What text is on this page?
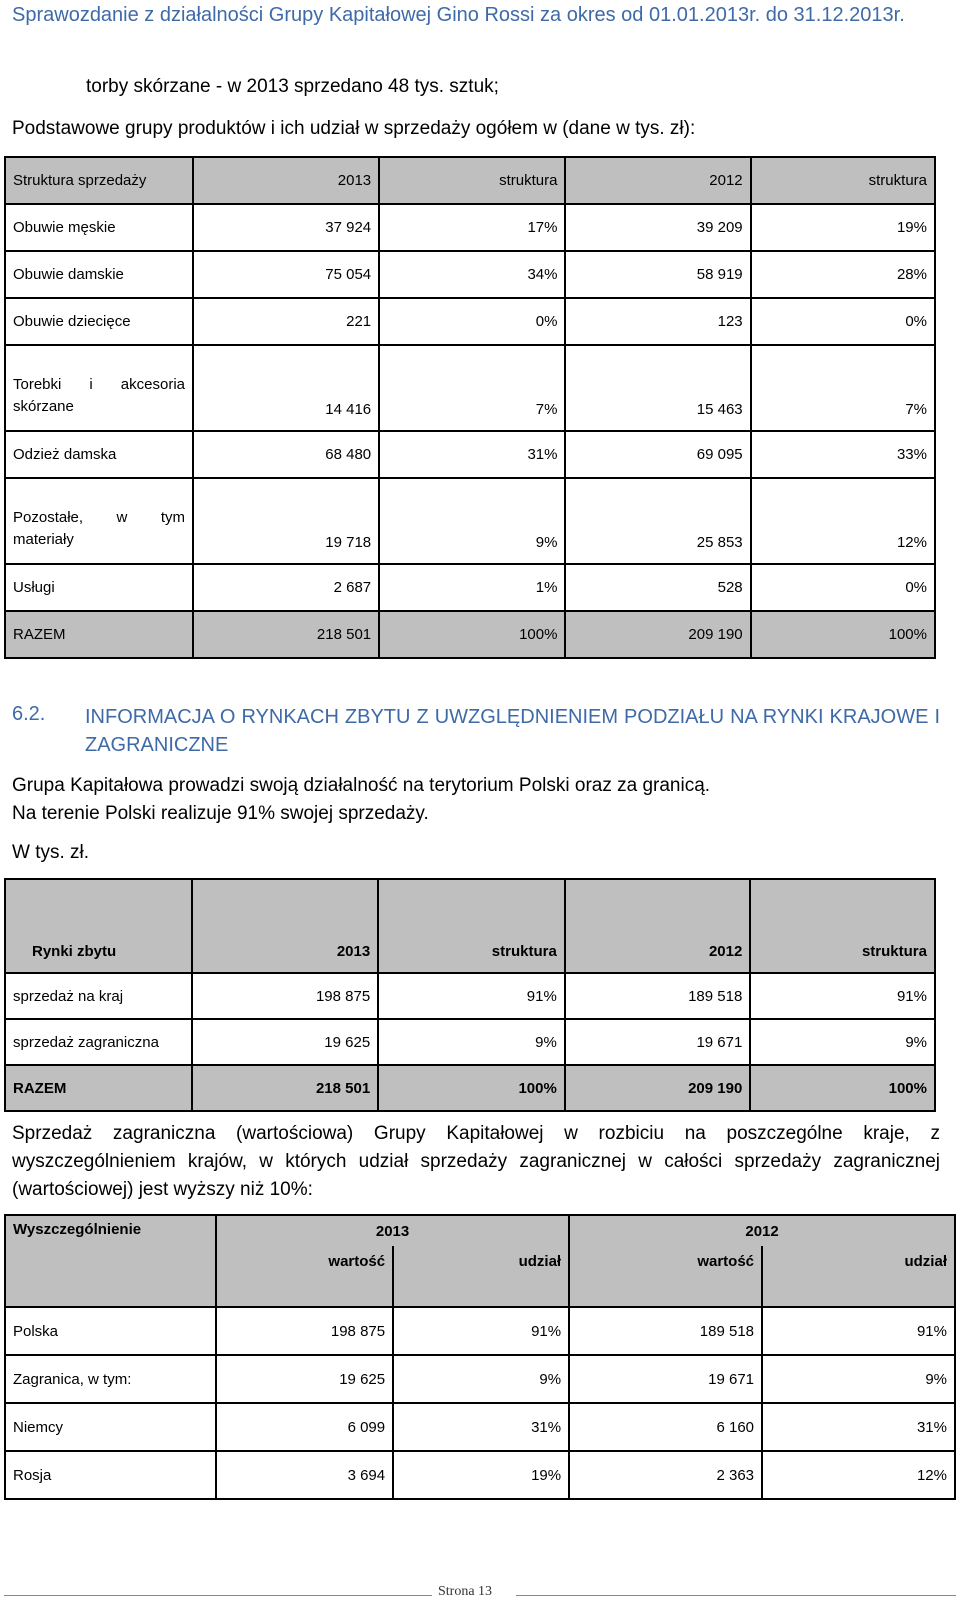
Sprawozdanie z działalności Grupy Kapitałowej Gino Rossi za okres od 01.01.2013r. do 31.12.2013r.
torby skórzane - w 2013 sprzedano 48 tys. sztuk;
Podstawowe grupy produktów i ich udział w sprzedaży ogółem w (dane w tys. zł):
Struktura sprzedaży	2013	struktura	2012	struktura
Obuwie męskie	37 924	17%	39 209	19%
Obuwie damskie	75 054	34%	58 919	28%
Obuwie dziecięce	221	0%	123	0%

Torebki i akcesoria skórzane	14 416	7%	15 463	7%
Odzież damska	68 480	31%	69 095	33%

Pozostałe, w tym materiały	19 718	9%	25 853	12%
Usługi	2 687	1%	528	0%
RAZEM	218 501	100%	209 190	100%
6.2. INFORMACJA O RYNKACH ZBYTU Z UWZGLĘDNIENIEM PODZIAŁU NA RYNKI KRAJOWE I ZAGRANICZNE
Grupa Kapitałowa prowadzi swoją działalność na terytorium Polski oraz za granicą.
Na terenie Polski realizuje 91% swojej sprzedaży.
W tys. zł.
Rynki zbytu	2013	struktura	2012	struktura
sprzedaż na kraj	198 875	91%	189 518	91%
sprzedaż zagraniczna	19 625	9%	19 671	9%
RAZEM	218 501	100%	209 190	100%
Sprzedaż zagraniczna (wartościowa) Grupy Kapitałowej w rozbiciu na poszczególne kraje, z wyszczególnieniem krajów, w których udział sprzedaży zagranicznej w całości sprzedaży zagranicznej (wartościowej) jest wyższy niż 10%:
Wyszczególnienie	2013		2012	
	wartość	udział	wartość	udział

Polska	198 875	91%	189 518	91%
Zagranica, w tym:	19 625	9%	19 671	9%
Niemcy	6 099	31%	6 160	31%
Rosja	3 694	19%	2 363	12%
Strona 13
